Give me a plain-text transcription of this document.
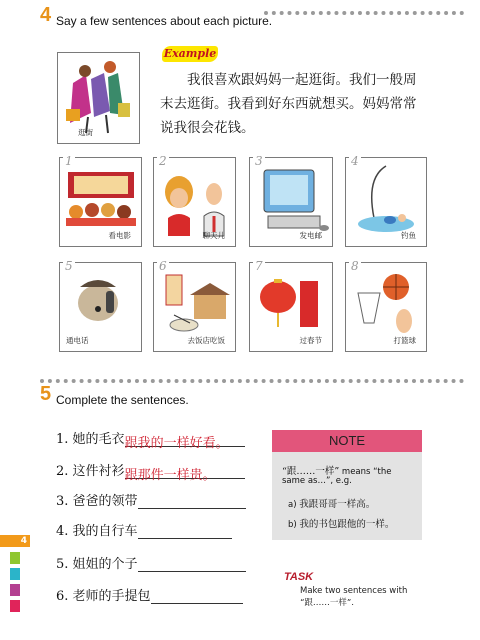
4 Say a few sentences about each picture.
逛街
Example
我很喜欢跟妈妈一起逛街。我们一般周末去逛街。我看到好东西就想买。妈妈常常说我很会花钱。
1
看电影
2
聊天儿
3
发电邮
4
钓鱼
5
通电话
6
去饭店吃饭
7
过春节
8
打篮球
5 Complete the sentences.
1. 她的毛衣跟我的一样好看。
2. 这件衬衫跟那件一样贵。
3. 爸爸的领带
4. 我的自行车
5. 姐姐的个子
6. 老师的手提包
NOTE
“跟……一样” means “the
same as…”, e.g.
a) 我跟哥哥一样高。
b) 我的书包跟他的一样。
TASK
Make two sentences with
“跟……一样”.
4
